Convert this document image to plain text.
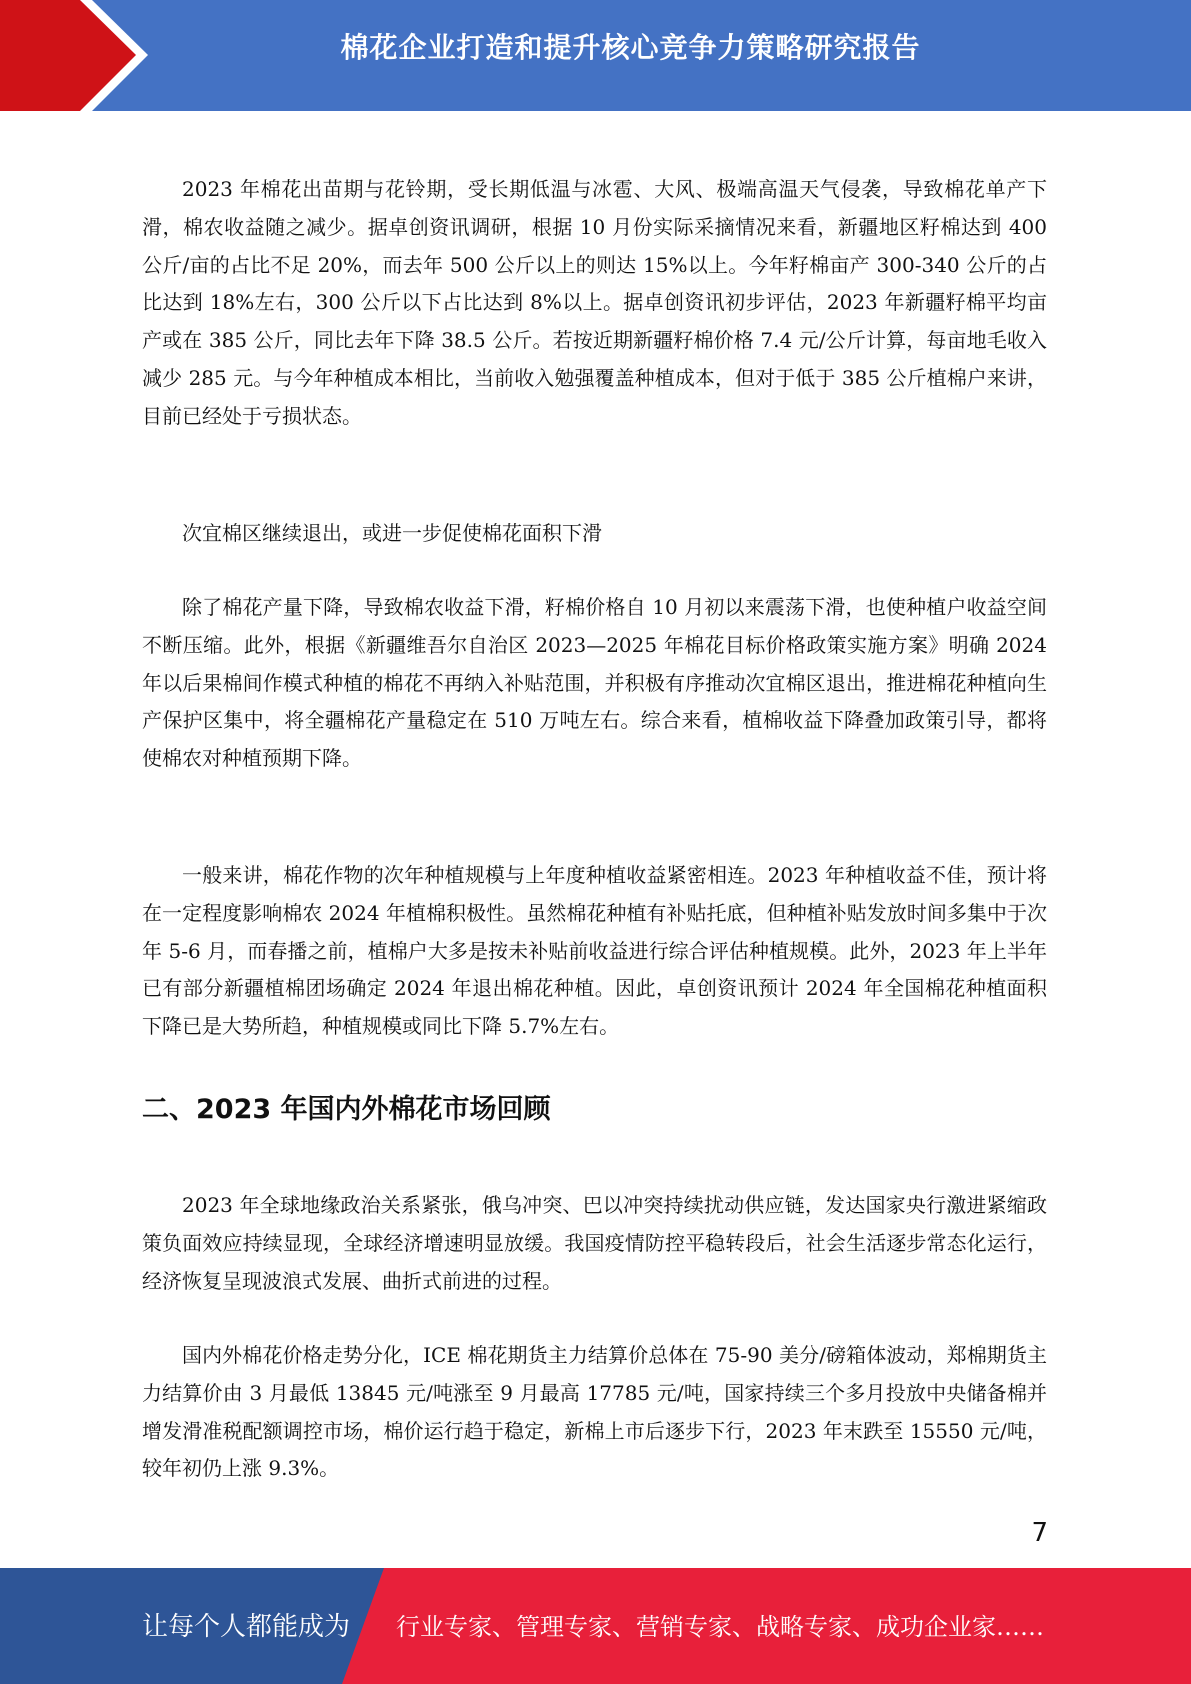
棉花企业打造和提升核心竞争力策略研究报告

2023 年棉花出苗期与花铃期，受长期低温与冰雹、大风、极端高温天气侵袭，导致棉花单产下滑，棉农收益随之减少。据卓创资讯调研，根据 10 月份实际采摘情况来看，新疆地区籽棉达到 400 公斤/亩的占比不足 20%，而去年 500 公斤以上的则达 15%以上。今年籽棉亩产 300-340 公斤的占比达到 18%左右，300 公斤以下占比达到 8%以上。据卓创资讯初步评估，2023 年新疆籽棉平均亩产或在 385 公斤，同比去年下降 38.5 公斤。若按近期新疆籽棉价格 7.4 元/公斤计算，每亩地毛收入减少 285 元。与今年种植成本相比，当前收入勉强覆盖种植成本，但对于低于 385 公斤植棉户来讲，目前已经处于亏损状态。

次宜棉区继续退出，或进一步促使棉花面积下滑

除了棉花产量下降，导致棉农收益下滑，籽棉价格自 10 月初以来震荡下滑，也使种植户收益空间不断压缩。此外，根据《新疆维吾尔自治区 2023—2025 年棉花目标价格政策实施方案》明确 2024 年以后果棉间作模式种植的棉花不再纳入补贴范围，并积极有序推动次宜棉区退出，推进棉花种植向生产保护区集中，将全疆棉花产量稳定在 510 万吨左右。综合来看，植棉收益下降叠加政策引导，都将使棉农对种植预期下降。

一般来讲，棉花作物的次年种植规模与上年度种植收益紧密相连。2023 年种植收益不佳，预计将在一定程度影响棉农 2024 年植棉积极性。虽然棉花种植有补贴托底，但种植补贴发放时间多集中于次年 5-6 月，而春播之前，植棉户大多是按未补贴前收益进行综合评估种植规模。此外，2023 年上半年已有部分新疆植棉团场确定 2024 年退出棉花种植。因此，卓创资讯预计 2024 年全国棉花种植面积下降已是大势所趋，种植规模或同比下降 5.7%左右。

二、2023 年国内外棉花市场回顾

2023 年全球地缘政治关系紧张，俄乌冲突、巴以冲突持续扰动供应链，发达国家央行激进紧缩政策负面效应持续显现，全球经济增速明显放缓。我国疫情防控平稳转段后，社会生活逐步常态化运行，经济恢复呈现波浪式发展、曲折式前进的过程。

国内外棉花价格走势分化，ICE 棉花期货主力结算价总体在 75-90 美分/磅箱体波动，郑棉期货主力结算价由 3 月最低 13845 元/吨涨至 9 月最高 17785 元/吨，国家持续三个多月投放中央储备棉并增发滑准税配额调控市场，棉价运行趋于稳定，新棉上市后逐步下行，2023 年末跌至 15550 元/吨，较年初仍上涨 9.3%。

7
让每个人都能成为 行业专家、管理专家、营销专家、战略专家、成功企业家……
